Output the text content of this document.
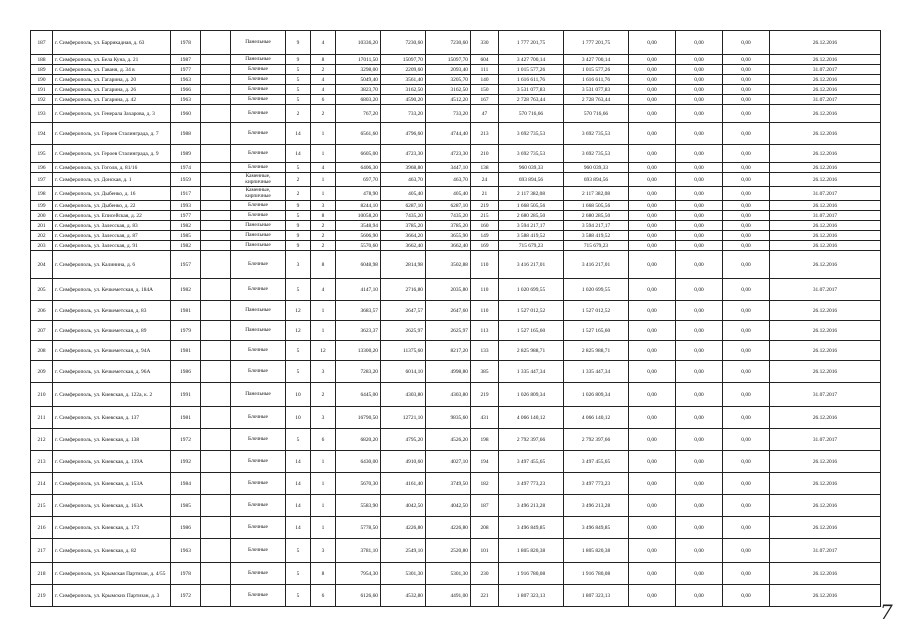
187	г. Симферополь, ул. Баррикадная, д. 63	1978		Панельные	9	4	10336,20	7230,60	7230,60	330	1 777 201,75	1 777 201,75	0,00	0,00	0,00	26.12.2016
188	г. Симферополь, ул. Бела Куна, д. 21	1987		Панельные	9	8	17011,50	15097,70	15097,70	604	3 427 700,14	3 427 700,14	0,00	0,00	0,00	26.12.2016
189	г. Симферополь, ул. Гаваня, д. 34 в	1977		Блочные	5	2	3298,00	2209,60	2093,40	111	1 015 577,26	1 015 577,26	0,00	0,00	0,00	31.07.2017
190	г. Симферополь, ул. Гагарина, д. 20	1963		Блочные	5	4	5049,40	3561,40	3205,70	140	1 616 611,76	1 616 611,76	0,00	0,00	0,00	26.12.2016
191	г. Симферополь, ул. Гагарина, д. 26	1966		Блочные	5	4	3823,70	3162,50	3162,50	150	3 531 077,83	3 531 077,83	0,00	0,00	0,00	26.12.2016
192	г. Симферополь, ул. Гагарина, д. 42	1963		Блочные	5	6	6803,20	4590,20	4512,20	167	2 728 763,44	2 728 763,44	0,00	0,00	0,00	31.07.2017
193	г. Симферополь, ул. Генерала Захарова, д. 3	1960		Блочные	2	2	767,20	733,20	733,20	47	570 716,66	570 716,66	0,00	0,00	0,00	26.12.2016
194	г. Симферополь, ул. Героев Сталинграда, д. 7	1988		Блочные	14	1	6561,60	4796,60	4744,40	213	3 692 735,53	3 692 735,53	0,00	0,00	0,00	26.12.2016
195	г. Симферополь, ул. Героев Сталинграда, д. 9	1989		Блочные	14	1	6605,00	4723,30	4723,30	210	3 692 735,53	3 692 735,53	0,00	0,00	0,00	26.12.2016
196	г. Симферополь, ул. Гоголя, д. 81/16	1974		Блочные	5	4	6406,30	3968,80	3447,10	138	960 039,33	960 039,33	0,00	0,00	0,00	26.12.2016
197	г. Симферополь, ул. Донская, д. 1	1959		Каменные, кирпичные	2	1	697,70	463,70	463,70	24	693 894,56	693 894,56	0,00	0,00	0,00	26.12.2016
198	г. Симферополь, ул. Дыбенко, д. 16	1917		Каменные, кирпичные	2	1	478,90	405,40	405,40	21	2 117 382,08	2 117 382,08	0,00	0,00	0,00	31.07.2017
199	г. Симферополь, ул. Дыбенко, д. 22	1993		Блочные	9	3	8244,10	6287,10	6287,10	219	1 668 505,56	1 668 505,56	0,00	0,00	0,00	26.12.2016
200	г. Симферополь, ул. Еписейская, д. 22	1977		Блочные	5	8	10058,20	7435,20	7435,20	215	2 680 285,50	2 680 285,50	0,00	0,00	0,00	31.07.2017
201	г. Симферополь, ул. Залесская, д. 83	1982		Панельные	9	2	3548,94	3785,20	3785,20	160	3 594 217,17	3 594 217,17	0,00	0,00	0,00	26.12.2016
202	г. Симферополь, ул. Залесская, д. 87	1985		Панельные	9	2	5606,90	3664,20	3655,90	149	3 588 419,52	3 588 419,52	0,00	0,00	0,00	26.12.2016
203	г. Симферополь, ул. Залесская, д. 91	1982		Панельные	9	2	5570,60	3662,40	3662,40	169	715 679,23	715 679,23	0,00	0,00	0,00	26.12.2016
204	г. Симферополь, ул. Калинина, д. 6	1957		Блочные	3	8	6048,98	2814,98	3502,88	110	3 416 217,01	3 416 217,01	0,00	0,00	0,00	26.12.2016
205	г. Симферополь, ул. Кечкеметская, д. 184А	1982		Блочные	5	4	4147,10	2716,80	2035,80	110	1 020 699,55	1 020 699,55	0,00	0,00	0,00	31.07.2017
206	г. Симферополь, ул. Кечкеметская, д. 83	1981		Панельные	12	1	3683,57	2647,57	2647,60	110	1 527 012,52	1 527 012,52	0,00	0,00	0,00	26.12.2016
207	г. Симферополь, ул. Кечкеметская, д. 89	1979		Панельные	12	1	3623,37	2625,97	2625,97	113	1 527 165,60	1 527 165,60	0,00	0,00	0,00	26.12.2016
208	г. Симферополь, ул. Кечкеметская, д. 94А	1981		Блочные	5	12	13300,20	11375,60	8217,20	133	2 825 988,71	2 825 988,71	0,00	0,00	0,00	26.12.2016
209	г. Симферополь, ул. Кечкеметская, д. 96А	1986		Блочные	5	3	7283,20	6014,10	4998,80	385	1 335 447,34	1 335 447,34	0,00	0,00	0,00	26.12.2016
210	г. Симферополь, ул. Киевская, д. 122а, к. 2	1991		Панельные	10	2	6445,00	4303,80	4303,80	219	1 026 809,34	1 026 809,34	0,00	0,00	0,00	31.07.2017
211	г. Симферополь, ул. Киевская, д. 137	1981		Блочные	10	3	16790,50	12721,10	9835,60	431	4 066 140,12	4 066 140,12	0,00	0,00	0,00	26.12.2016
212	г. Симферополь, ул. Киевская, д. 138	1972		Блочные	5	6	6820,20	4795,20	4526,20	198	2 792 397,66	2 792 397,66	0,00	0,00	0,00	31.07.2017
213	г. Симферополь, ул. Киевская, д. 139А	1992		Блочные	14	1	6430,00	4910,60	4027,10	194	3 497 455,65	3 497 455,65	0,00	0,00	0,00	26.12.2016
214	г. Симферополь, ул. Киевская, д. 153А	1984		Блочные	14	1	5670,30	4161,40	3749,50	182	3 497 773,23	3 497 773,23	0,00	0,00	0,00	26.12.2016
215	г. Симферополь, ул. Киевская, д. 163А	1985		Блочные	14	1	5583,90	4042,50	4042,50	187	3 496 213,28	3 496 213,28	0,00	0,00	0,00	26.12.2016
216	г. Симферополь, ул. Киевская, д. 173	1986		Блочные	14	1	5778,50	4226,80	4226,80	208	3 496 849,85	3 496 849,85	0,00	0,00	0,00	26.12.2016
217	г. Симферополь, ул. Киевская, д. 82	1963		Блочные	5	3	3781,10	2549,10	2520,80	101	1 805 820,38	1 805 820,38	0,00	0,00	0,00	31.07.2017
218	г. Симферополь, ул. Крымская Партизан, д. 4/55	1978		Блочные	5	8	7954,30	5301,30	5301,30	230	1 916 780,08	1 916 780,08	0,00	0,00	0,00	26.12.2016
219	г. Симферополь, ул. Крымских Партизан, д. 3	1972		Блочные	5	6	6126,60	4532,80	4491,00	221	1 807 323,13	1 807 323,13	0,00	0,00	0,00	26.12.2016
7
